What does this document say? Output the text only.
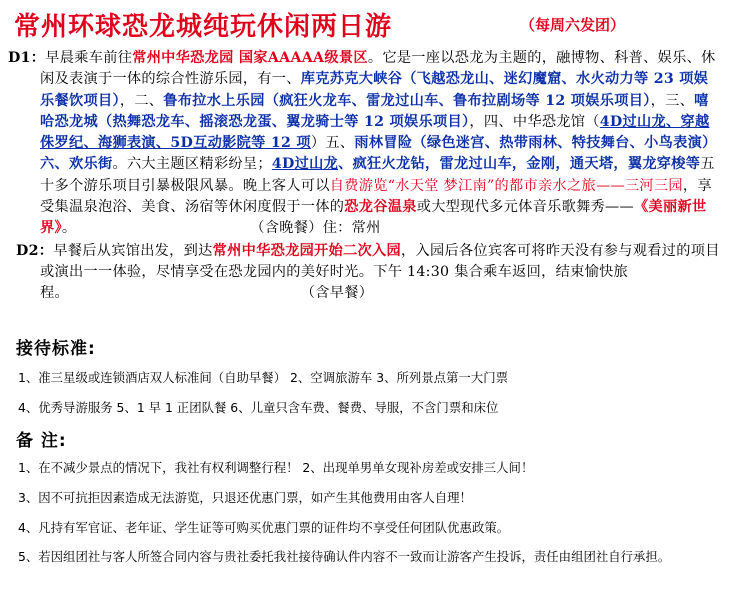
常州环球恐龙城纯玩休闲两日游	（每周六发团）

D1：早晨乘车前往常州中华恐龙园 国家AAAAA级景区。它是一座以恐龙为主题的，融博物、科普、娱乐、休闲及表演于一体的综合性游乐园，有一、库克苏克大峡谷（飞越恐龙山、迷幻魔窟、水火动力等 23 项娱乐餐饮项目），二、鲁布拉水上乐园（疯狂火龙车、雷龙过山车、鲁布拉剧场等 12 项娱乐项目），三、嘻哈恐龙城（热舞恐龙车、摇滚恐龙蛋、翼龙骑士等 12 项娱乐项目），四、中华恐龙馆（4D过山龙、穿越侏罗纪、海狮表演、5D互动影院等 12 项）五、雨林冒险（绿色迷宫、热带雨林、特技舞台、小鸟表演）六、欢乐街。六大主题区精彩纷呈；4D过山龙、疯狂火龙钻，雷龙过山车，金刚，通天塔，翼龙穿梭等五十多个游乐项目引暴极限风暴。晚上客人可以自费游览“水天堂 梦江南”的都市亲水之旅——三河三园，享受集温泉泡浴、美食、汤宿等休闲度假于一体的恐龙谷温泉或大型现代多元体音乐歌舞秀——《美丽新世界》。            	（含晚餐）住：常州

D2：早餐后从宾馆出发，到达常州中华恐龙园开始二次入园，入园后各位宾客可将昨天没有参与观看过的项目或演出一一体验，尽情享受在恐龙园内的美好时光。下午 14:30 集合乘车返回，结束愉快旅程。                	（含早餐）

接待标准:
1、准三星级或连锁酒店双人标准间（自助早餐） 2、空调旅游车 3、所列景点第一大门票
4、优秀导游服务 5、1 早 1 正团队餐 6、儿童只含车费、餐费、导服，不含门票和床位
备 注:
1、在不减少景点的情况下，我社有权利调整行程！ 2、出现单男单女现补房差或安排三人间！
3、因不可抗拒因素造成无法游览，只退还优惠门票，如产生其他费用由客人自理！
4、凡持有军官证、老年证、学生证等可购买优惠门票的证件均不享受任何团队优惠政策。
5、若因组团社与客人所签合同内容与贵社委托我社接待确认件内容不一致而让游客产生投诉，责任由组团社自行承担。
